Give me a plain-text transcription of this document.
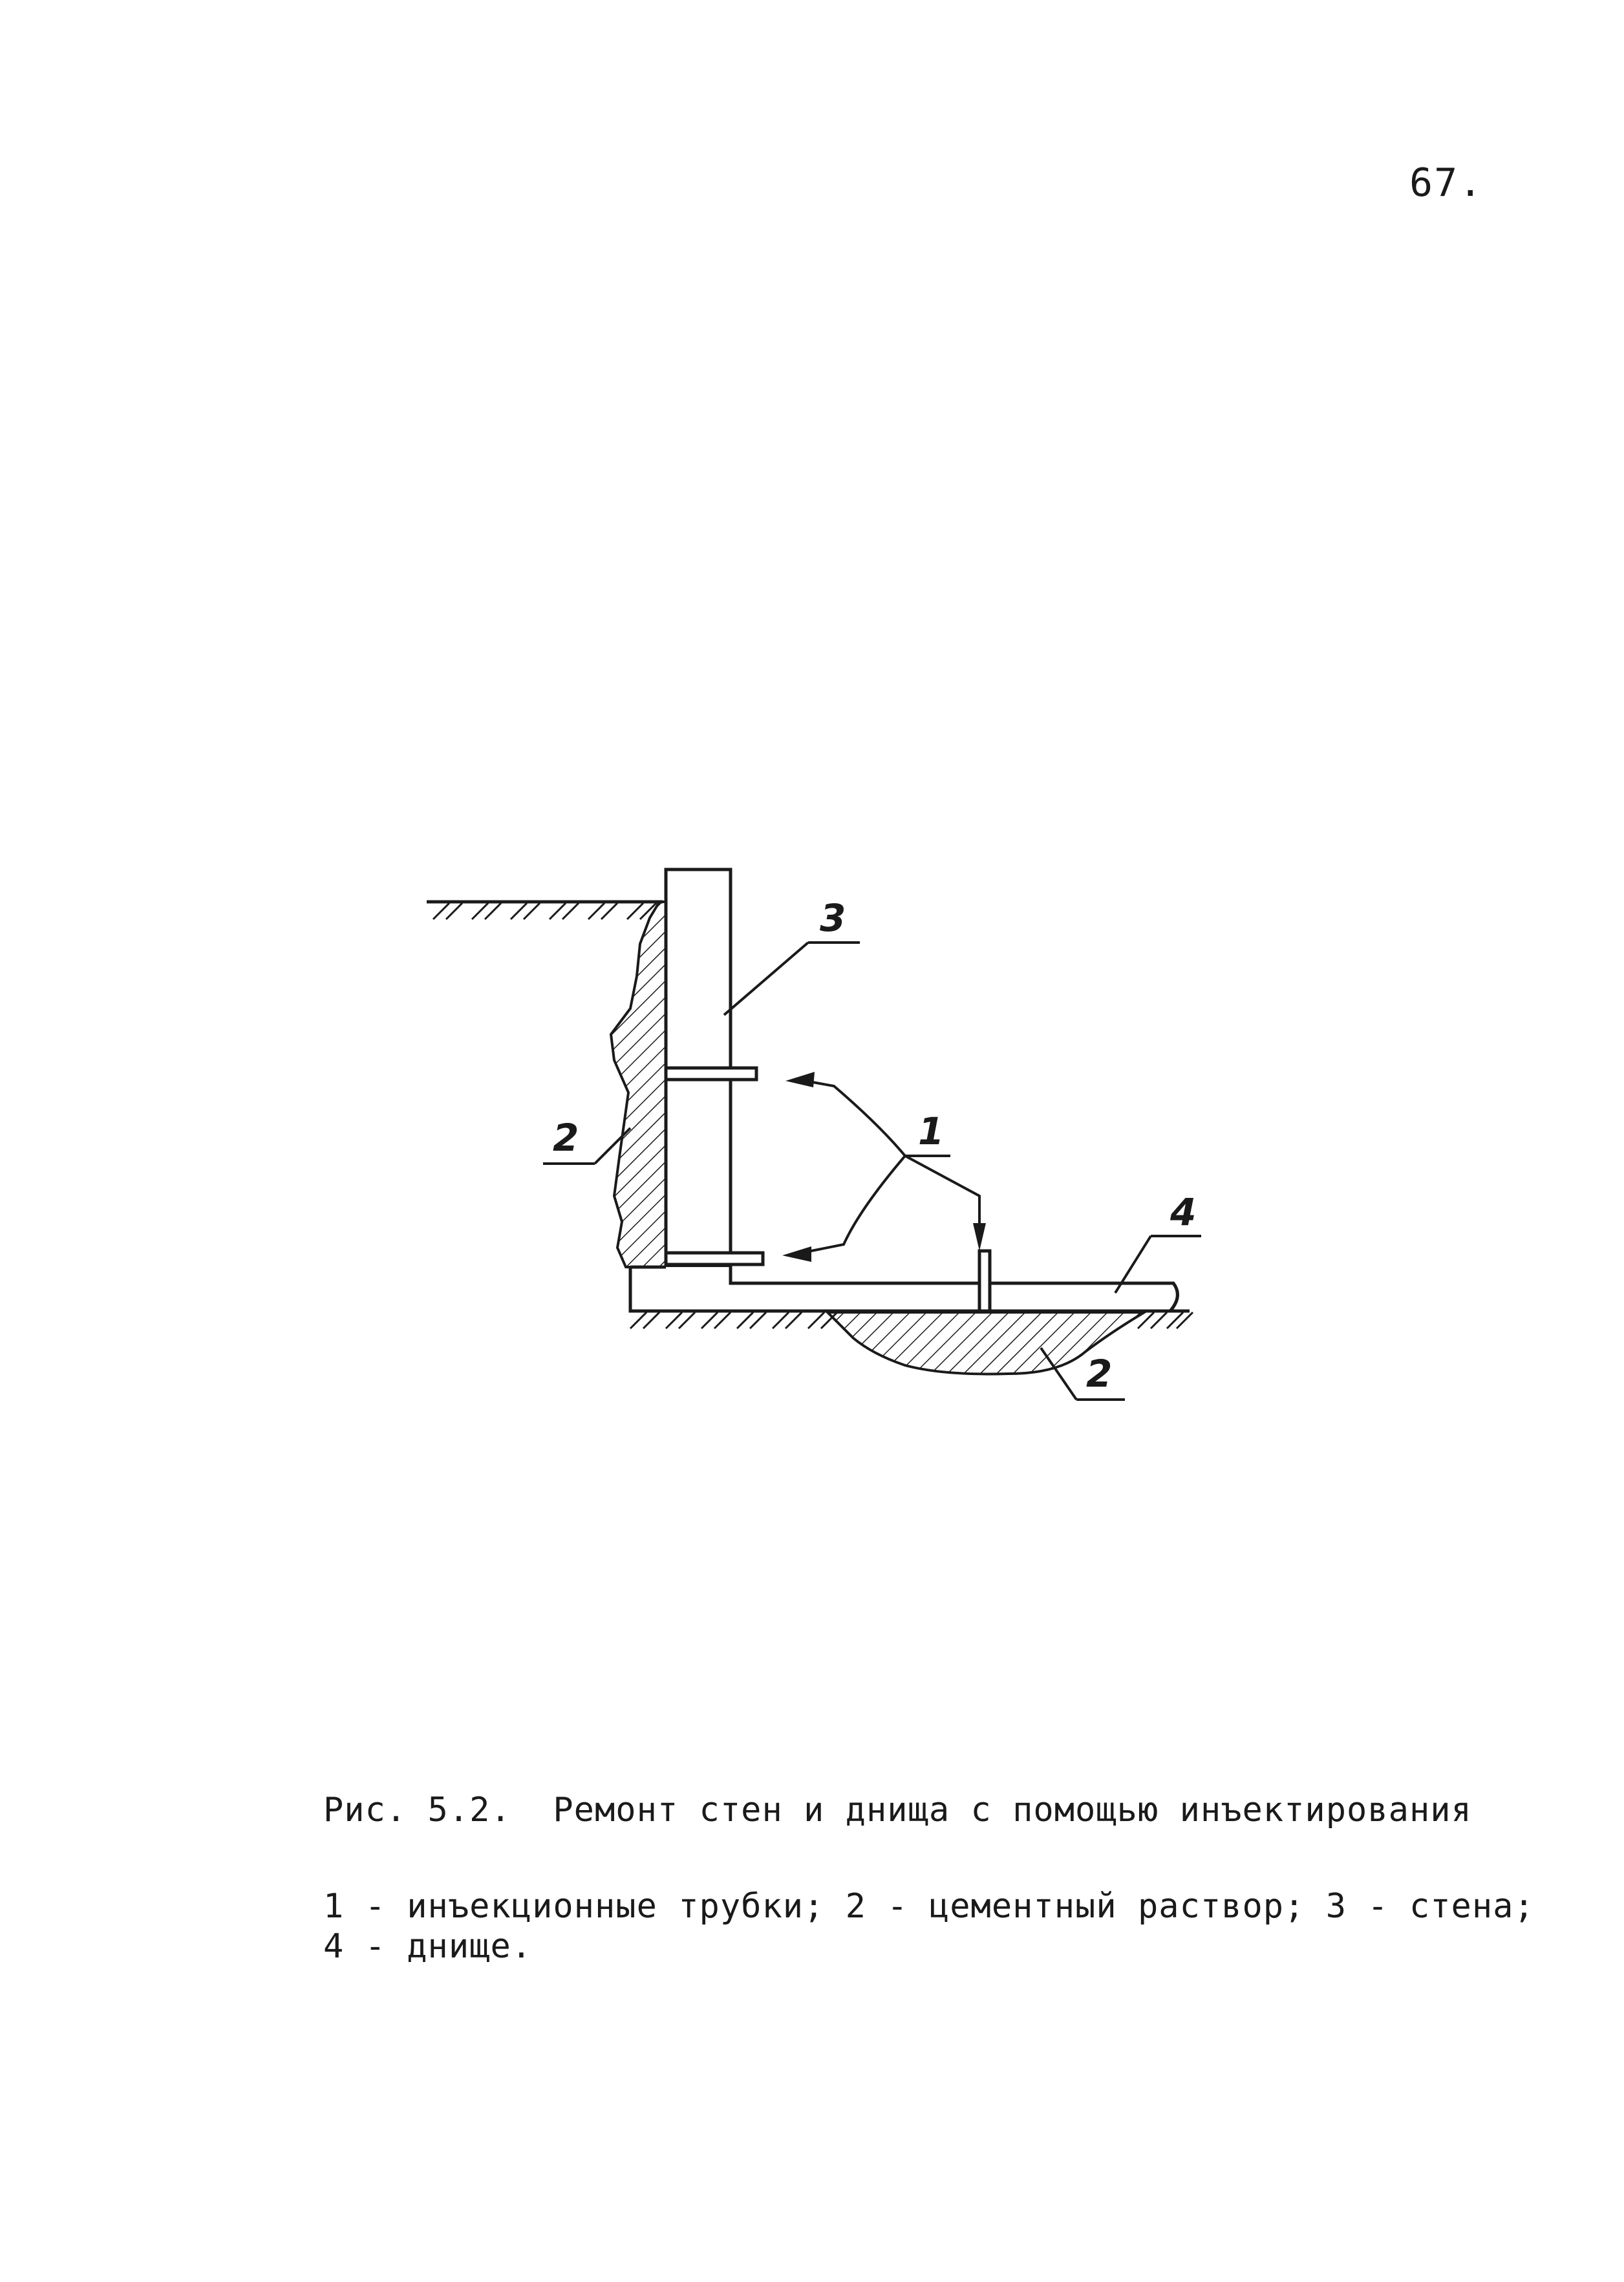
67.
3
2	1
4
2
Рис. 5.2.  Ремонт стен и днища с помощью инъектирования
1 - инъекционные трубки; 2 - цементный раствор; 3 - стена;
4 - днище.
